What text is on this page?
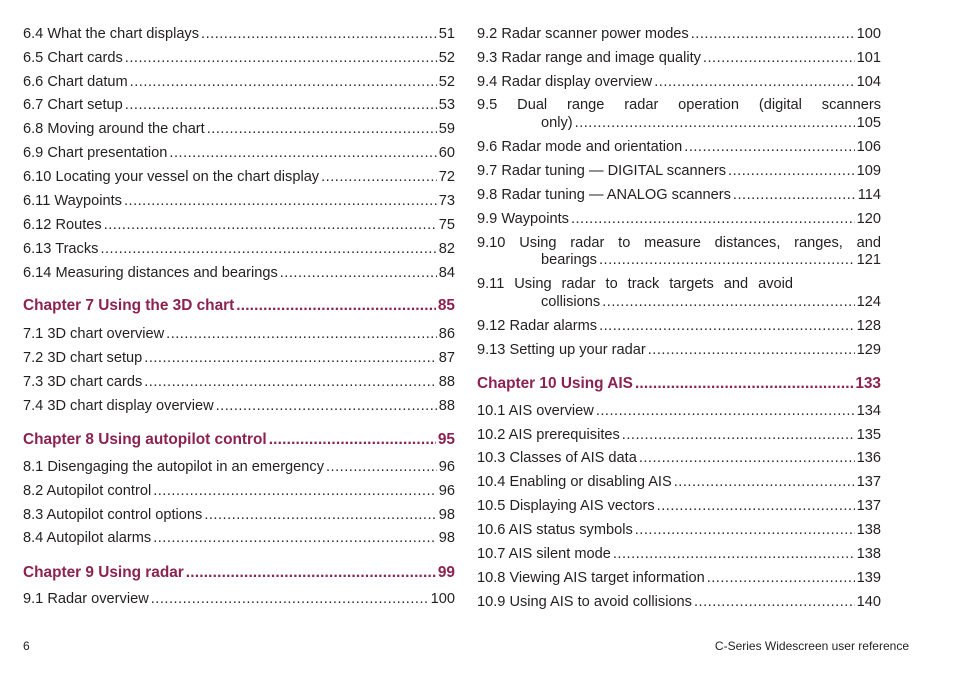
6.4 What the chart displays .....	51
6.5 Chart cards .....	52
6.6 Chart datum .....	52
6.7 Chart setup .....	53
6.8 Moving around the chart .....	59
6.9 Chart presentation .....	60
6.10 Locating your vessel on the chart display .....	72
6.11 Waypoints .....	73
6.12 Routes .....	75
6.13 Tracks .....	82
6.14 Measuring distances and bearings .....	84
Chapter 7 Using the 3D chart .....	85
7.1 3D chart overview .....	86
7.2 3D chart setup .....	87
7.3 3D chart cards .....	88
7.4 3D chart display overview .....	88
Chapter 8 Using autopilot control .....	95
8.1 Disengaging the autopilot in an emergency .....	96
8.2 Autopilot control .....	96
8.3 Autopilot control options .....	98
8.4 Autopilot alarms .....	98
Chapter 9 Using radar .....	99
9.1 Radar overview .....	100
9.2 Radar scanner power modes .....	100
9.3 Radar range and image quality .....	101
9.4 Radar display overview .....	104
9.5 Dual range radar operation (digital scanners
only) .....	105
9.6 Radar mode and orientation .....	106
9.7 Radar tuning — DIGITAL scanners .....	109
9.8 Radar tuning — ANALOG scanners .....	114
9.9 Waypoints .....	120
9.10 Using radar to measure distances, ranges, and
bearings .....	121
9.11 Using radar to track targets and avoid
collisions .....	124
9.12 Radar alarms .....	128
9.13 Setting up your radar .....	129
Chapter 10 Using AIS .....	133
10.1 AIS overview .....	134
10.2 AIS prerequisites .....	135
10.3 Classes of AIS data .....	136
10.4 Enabling or disabling AIS .....	137
10.5 Displaying AIS vectors .....	137
10.6 AIS status symbols .....	138
10.7 AIS silent mode .....	138
10.8 Viewing AIS target information .....	139
10.9 Using AIS to avoid collisions .....	140
6	C-Series Widescreen user reference
